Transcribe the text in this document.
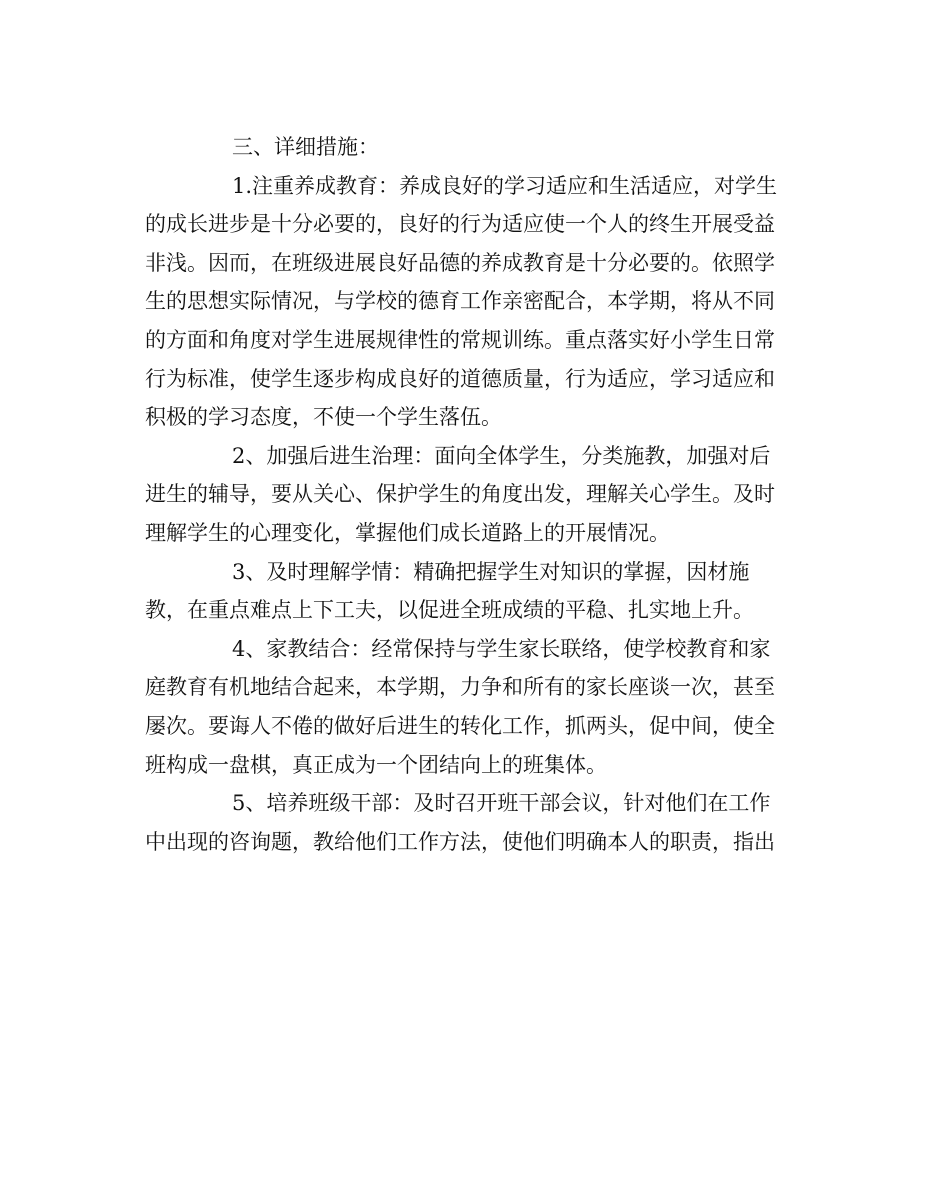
三、详细措施：

1.注重养成教育：养成良好的学习适应和生活适应，对学生
的成长进步是十分必要的，良好的行为适应使一个人的终生开展受益
非浅。因而，在班级进展良好品德的养成教育是十分必要的。依照学
生的思想实际情况，与学校的德育工作亲密配合，本学期，将从不同
的方面和角度对学生进展规律性的常规训练。重点落实好小学生日常
行为标准，使学生逐步构成良好的道德质量，行为适应，学习适应和
积极的学习态度，不使一个学生落伍。

2、加强后进生治理：面向全体学生，分类施教，加强对后
进生的辅导，要从关心、保护学生的角度出发，理解关心学生。及时
理解学生的心理变化，掌握他们成长道路上的开展情况。

3、及时理解学情：精确把握学生对知识的掌握，因材施
教，在重点难点上下工夫，以促进全班成绩的平稳、扎实地上升。

4、家教结合：经常保持与学生家长联络，使学校教育和家
庭教育有机地结合起来，本学期，力争和所有的家长座谈一次，甚至
屡次。要诲人不倦的做好后进生的转化工作，抓两头，促中间，使全
班构成一盘棋，真正成为一个团结向上的班集体。

5、培养班级干部：及时召开班干部会议，针对他们在工作
中出现的咨询题，教给他们工作方法，使他们明确本人的职责，指出
